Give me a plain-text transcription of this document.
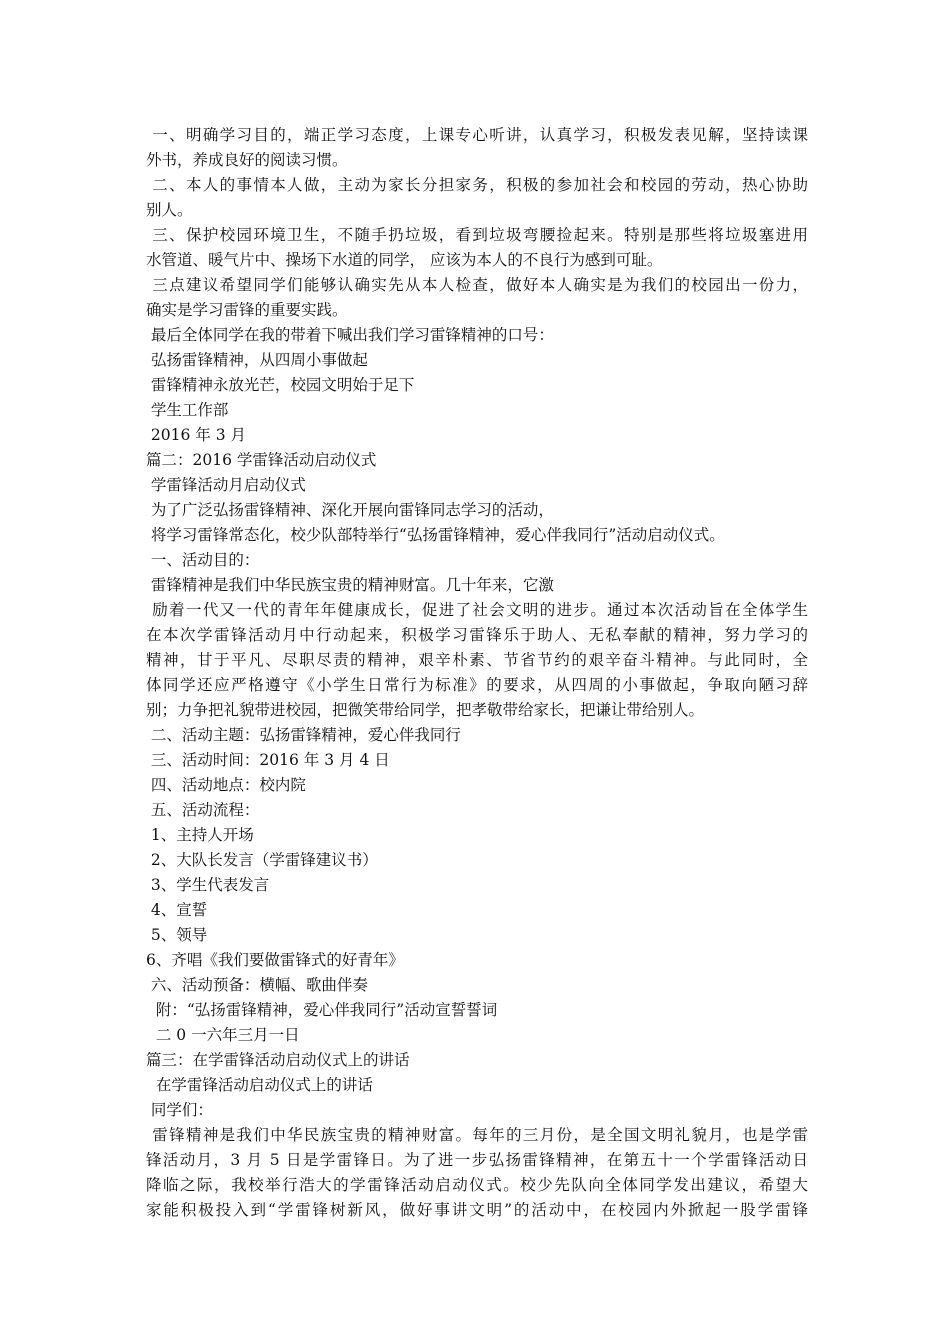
一、明确学习目的，端正学习态度，上课专心听讲，认真学习，积极发表见解，坚持读课
外书，养成良好的阅读习惯。
二、本人的事情本人做，主动为家长分担家务，积极的参加社会和校园的劳动，热心协助
别人。
三、保护校园环境卫生，不随手扔垃圾，看到垃圾弯腰捡起来。特别是那些将垃圾塞进用
水管道、暖气片中、操场下水道的同学， 应该为本人的不良行为感到可耻。
三点建议希望同学们能够认确实先从本人检查，做好本人确实是为我们的校园出一份力，
确实是学习雷锋的重要实践。
最后全体同学在我的带着下喊出我们学习雷锋精神的口号：
弘扬雷锋精神，从四周小事做起
雷锋精神永放光芒，校园文明始于足下
学生工作部
2016 年 3 月
篇二：2016 学雷锋活动启动仪式
学雷锋活动月启动仪式
为了广泛弘扬雷锋精神、深化开展向雷锋同志学习的活动，
将学习雷锋常态化，校少队部特举行“弘扬雷锋精神，爱心伴我同行”活动启动仪式。
一、活动目的：
雷锋精神是我们中华民族宝贵的精神财富。几十年来，它激
励着一代又一代的青年年健康成长，促进了社会文明的进步。通过本次活动旨在全体学生
在本次学雷锋活动月中行动起来，积极学习雷锋乐于助人、无私奉献的精神，努力学习的
精神，甘于平凡、尽职尽责的精神，艰辛朴素、节省节约的艰辛奋斗精神。与此同时，全
体同学还应严格遵守《小学生日常行为标准》的要求，从四周的小事做起，争取向陋习辞
别；力争把礼貌带进校园，把微笑带给同学，把孝敬带给家长，把谦让带给别人。
二、活动主题：弘扬雷锋精神，爱心伴我同行
三、活动时间：2016 年 3 月 4 日
四、活动地点：校内院
五、活动流程：
1、主持人开场
2、大队长发言（学雷锋建议书）
3、学生代表发言
4、宣誓
5、领导
6、齐唱《我们要做雷锋式的好青年》
六、活动预备：横幅、歌曲伴奏
附：“弘扬雷锋精神，爱心伴我同行”活动宣誓誓词
二 0 一六年三月一日
篇三：在学雷锋活动启动仪式上的讲话
在学雷锋活动启动仪式上的讲话
同学们：
雷锋精神是我们中华民族宝贵的精神财富。每年的三月份，是全国文明礼貌月，也是学雷
锋活动月，3 月 5 日是学雷锋日。为了进一步弘扬雷锋精神，在第五十一个学雷锋活动日
降临之际，我校举行浩大的学雷锋活动启动仪式。校少先队向全体同学发出建议，希望大
家能积极投入到“学雷锋树新风，做好事讲文明”的活动中，在校园内外掀起一股学雷锋
